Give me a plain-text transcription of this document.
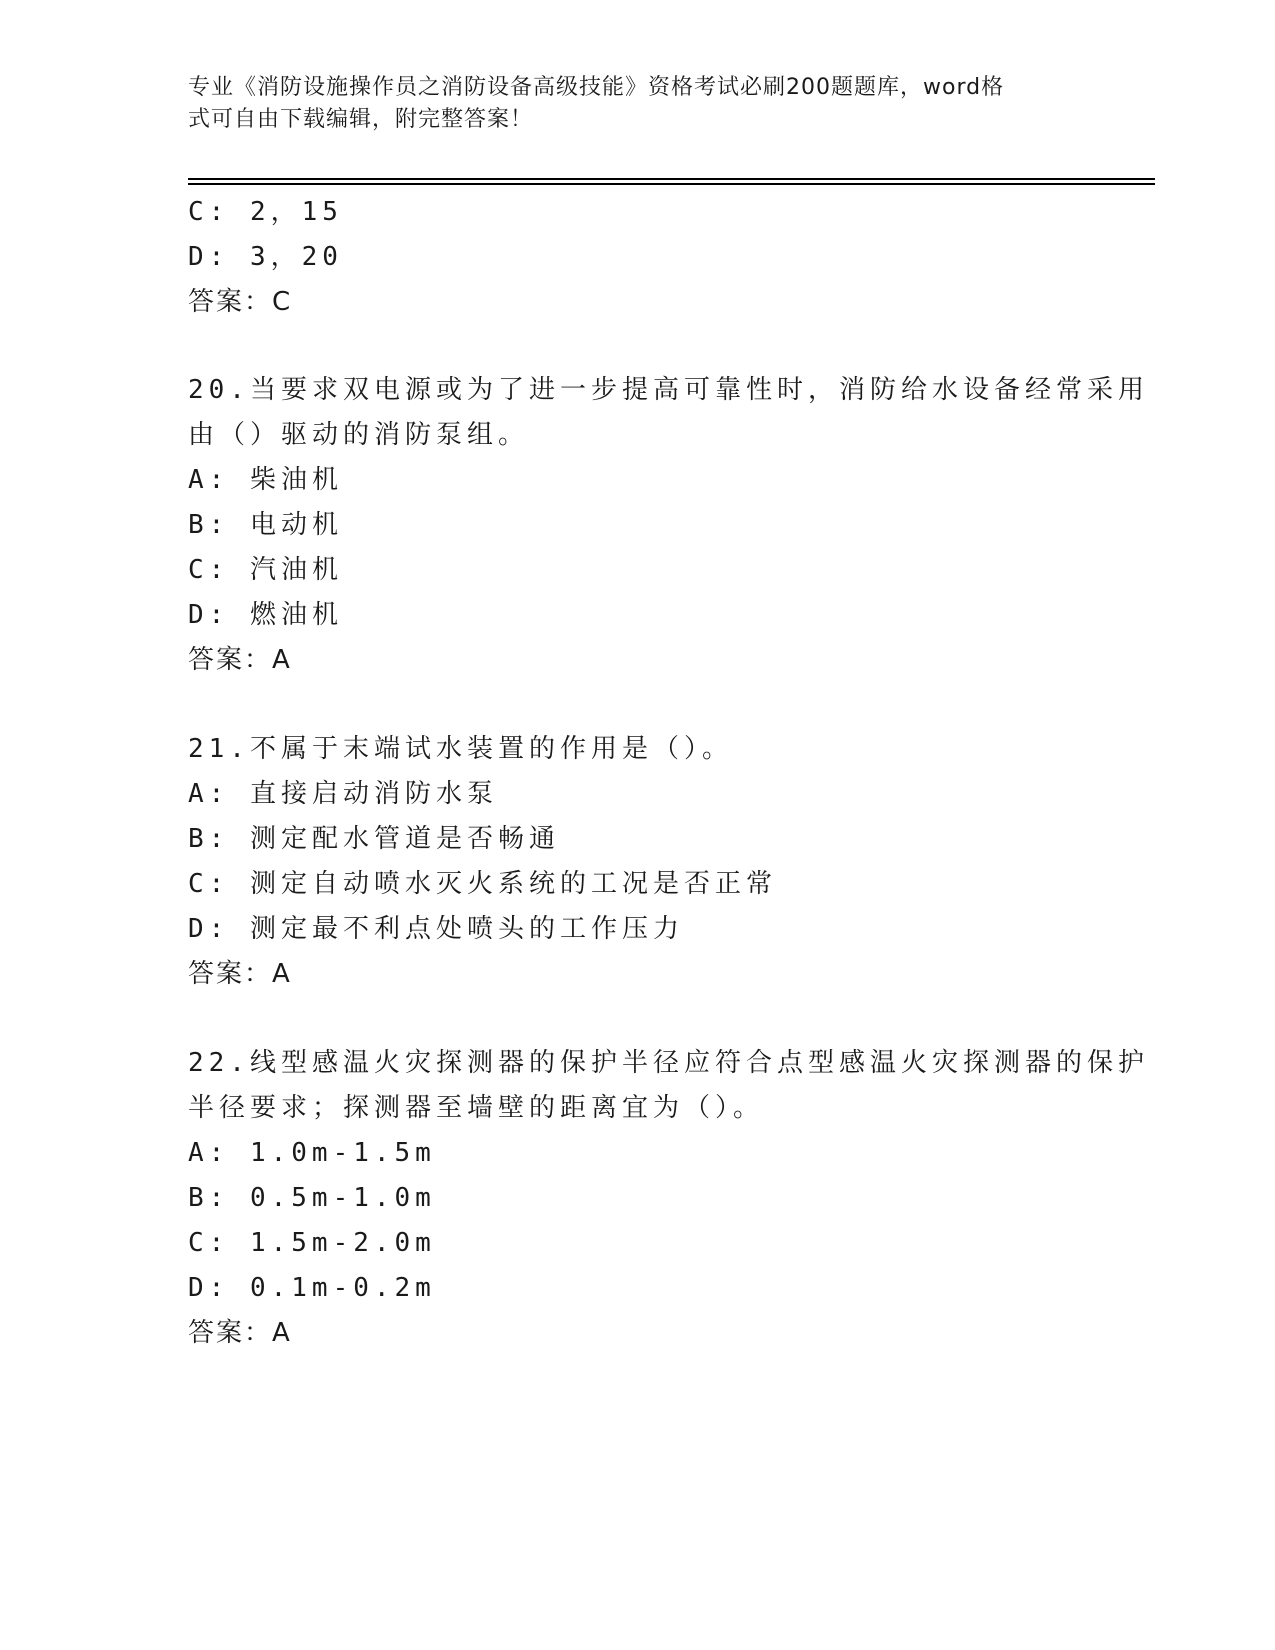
专业《消防设施操作员之消防设备高级技能》资格考试必刷200题题库，word格
式可自由下载编辑，附完整答案！
C: 2，15
D: 3，20
答案：C
20.当要求双电源或为了进一步提高可靠性时，消防给水设备经常采用
由（）驱动的消防泵组。
A: 柴油机
B: 电动机
C: 汽油机
D: 燃油机
答案：A
21.不属于末端试水装置的作用是（）。
A: 直接启动消防水泵
B: 测定配水管道是否畅通
C: 测定自动喷水灭火系统的工况是否正常
D: 测定最不利点处喷头的工作压力
答案：A
22.线型感温火灾探测器的保护半径应符合点型感温火灾探测器的保护
半径要求；探测器至墙壁的距离宜为（）。
A: 1.0m-1.5m
B: 0.5m-1.0m
C: 1.5m-2.0m
D: 0.1m-0.2m
答案：A
